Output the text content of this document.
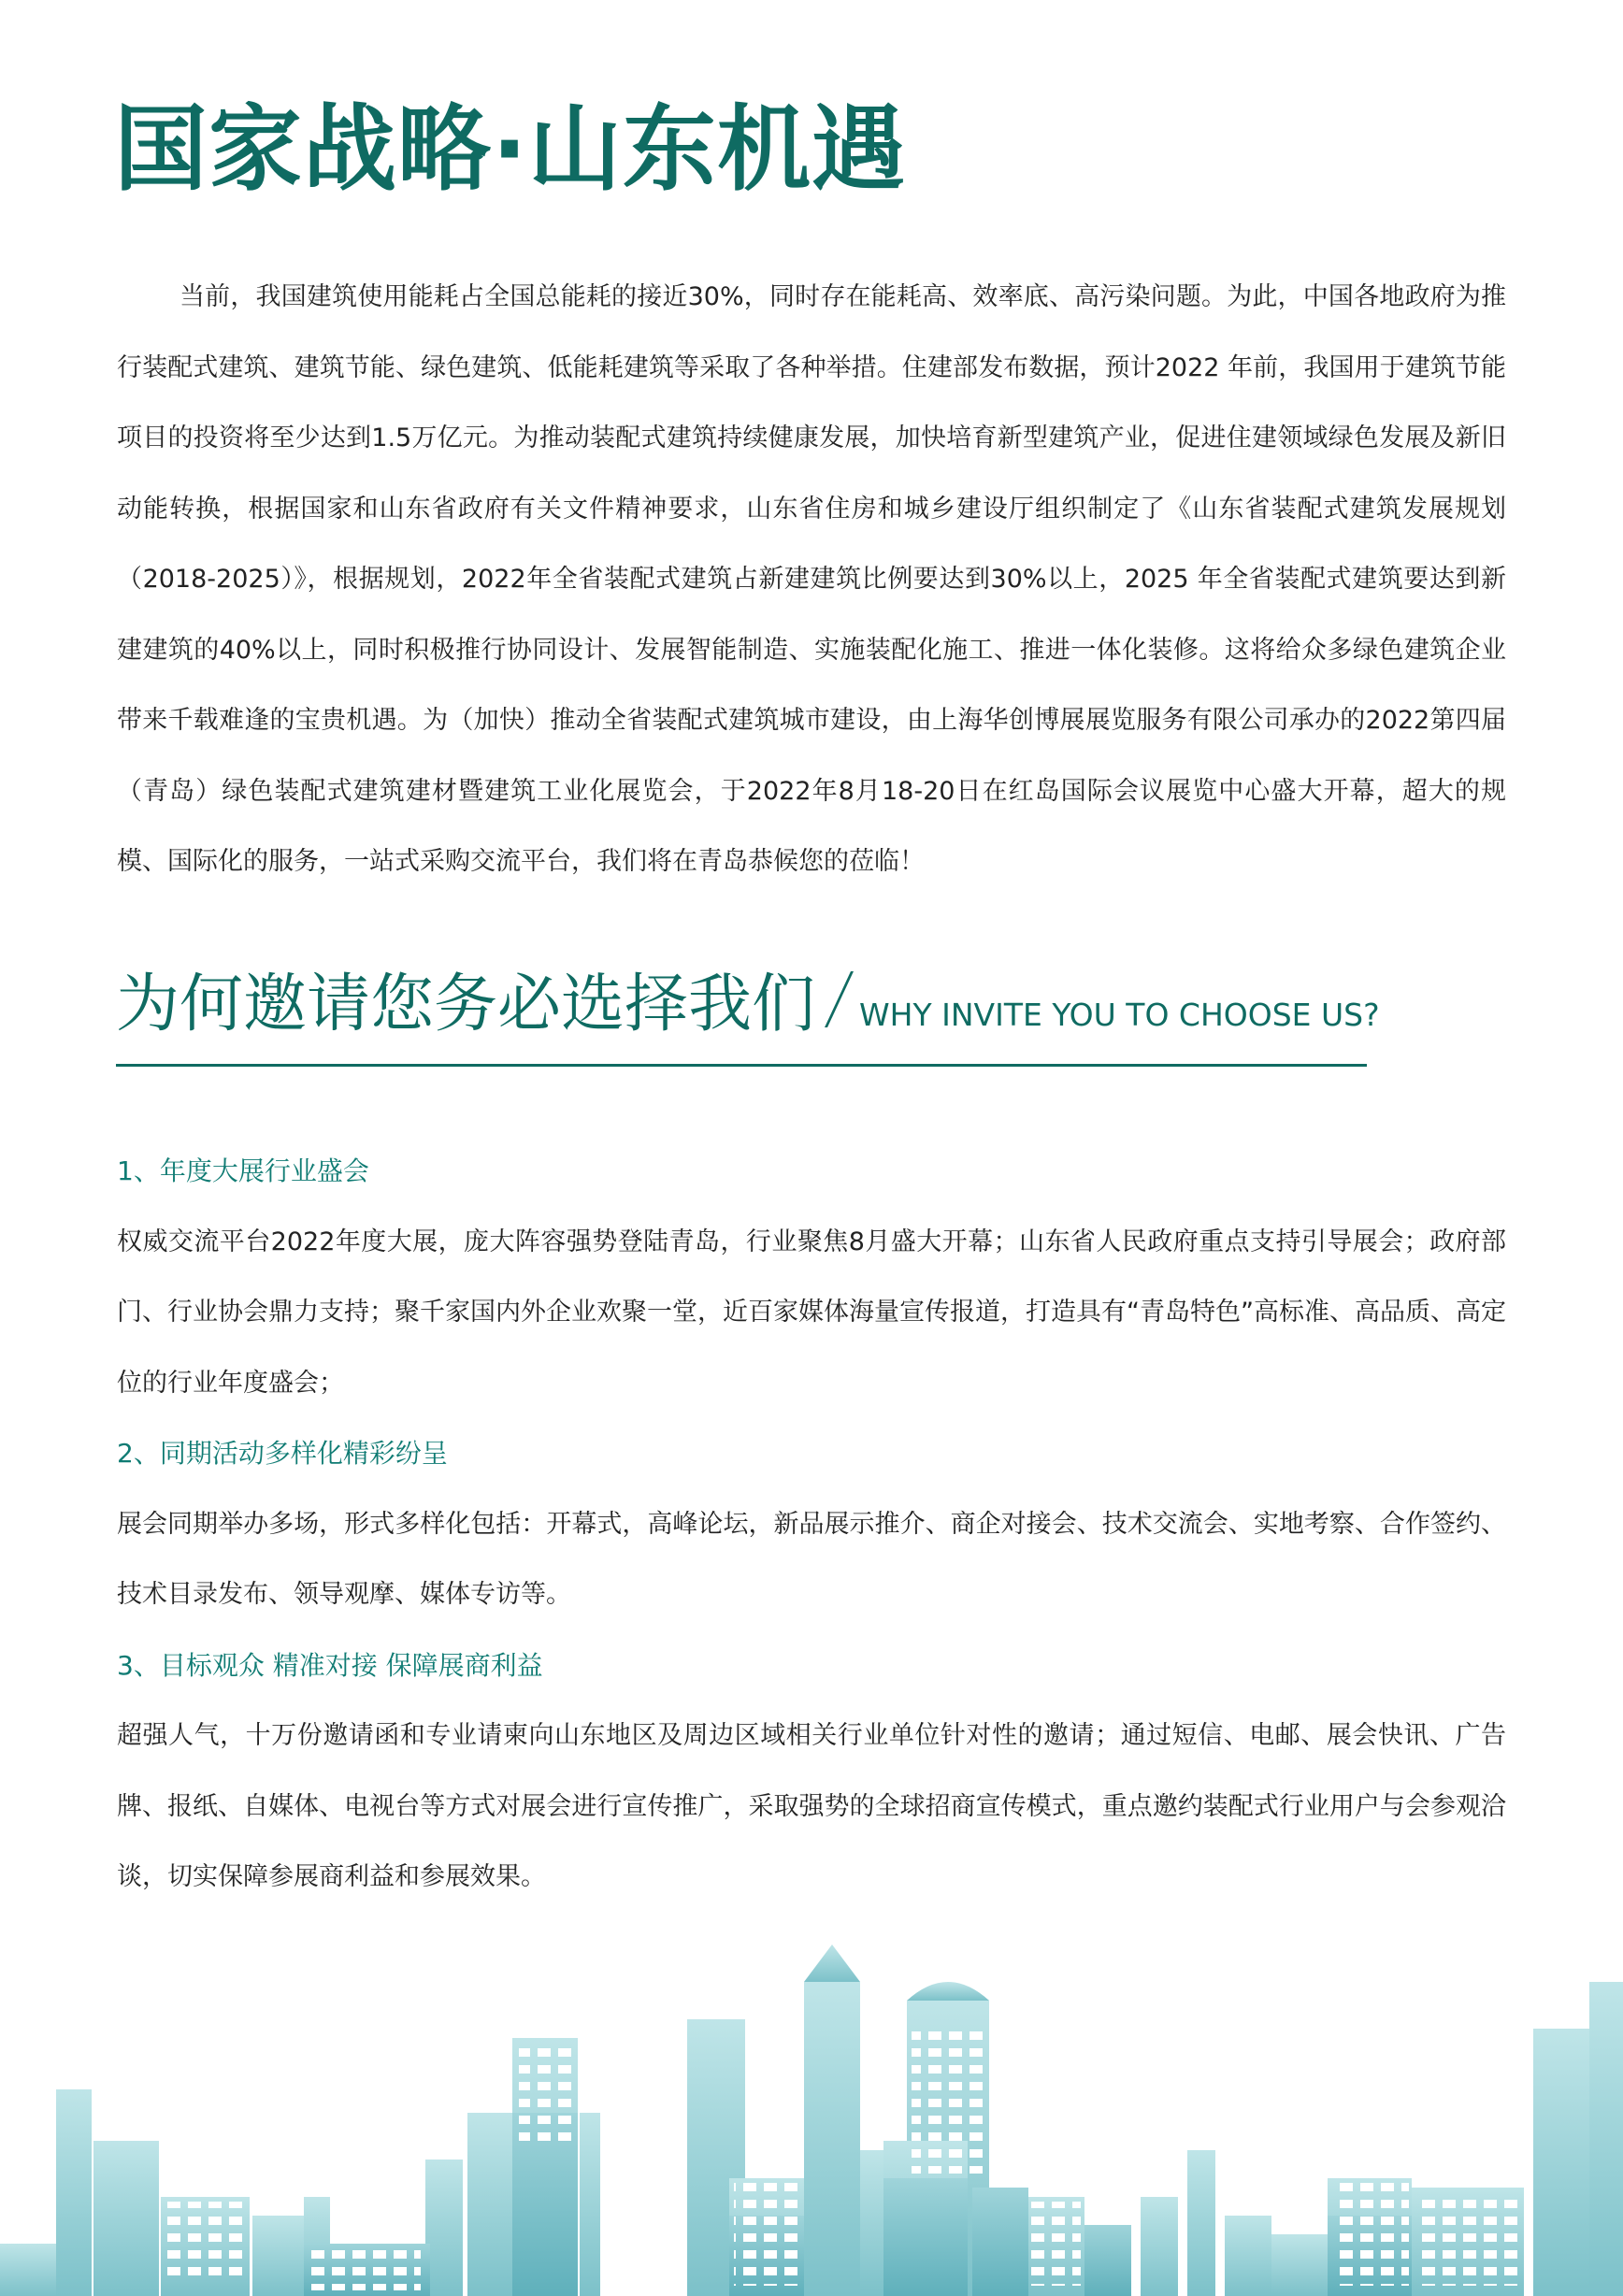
国家战略·山东机遇

当前，我国建筑使用能耗占全国总能耗的接近30%，同时存在能耗高、效率底、高污染问题。为此，中国各地政府为推行装配式建筑、建筑节能、绿色建筑、低能耗建筑等采取了各种举措。住建部发布数据，预计2022 年前，我国用于建筑节能项目的投资将至少达到1.5万亿元。为推动装配式建筑持续健康发展，加快培育新型建筑产业，促进住建领域绿色发展及新旧动能转换，根据国家和山东省政府有关文件精神要求，山东省住房和城乡建设厅组织制定了《山东省装配式建筑发展规划（2018-2025）》，根据规划，2022年全省装配式建筑占新建建筑比例要达到30%以上，2025 年全省装配式建筑要达到新建建筑的40%以上，同时积极推行协同设计、发展智能制造、实施装配化施工、推进一体化装修。这将给众多绿色建筑企业带来千载难逢的宝贵机遇。为（加快）推动全省装配式建筑城市建设，由上海华创博展展览服务有限公司承办的2022第四届（青岛）绿色装配式建筑建材暨建筑工业化展览会，于2022年8月18-20日在红岛国际会议展览中心盛大开幕，超大的规模、国际化的服务，一站式采购交流平台，我们将在青岛恭候您的莅临！

为何邀请您务必选择我们 WHY INVITE YOU TO CHOOSE US?

1、年度大展行业盛会

权威交流平台2022年度大展，庞大阵容强势登陆青岛，行业聚焦8月盛大开幕；山东省人民政府重点支持引导展会；政府部门、行业协会鼎力支持；聚千家国内外企业欢聚一堂，近百家媒体海量宣传报道，打造具有“青岛特色”高标准、高品质、高定位的行业年度盛会；

2、同期活动多样化精彩纷呈

展会同期举办多场，形式多样化包括：开幕式，高峰论坛，新品展示推介、商企对接会、技术交流会、实地考察、合作签约、技术目录发布、领导观摩、媒体专访等。

3、目标观众 精准对接 保障展商利益

超强人气，十万份邀请函和专业请柬向山东地区及周边区域相关行业单位针对性的邀请；通过短信、电邮、展会快讯、广告牌、报纸、自媒体、电视台等方式对展会进行宣传推广，采取强势的全球招商宣传模式，重点邀约装配式行业用户与会参观洽谈，切实保障参展商利益和参展效果。
